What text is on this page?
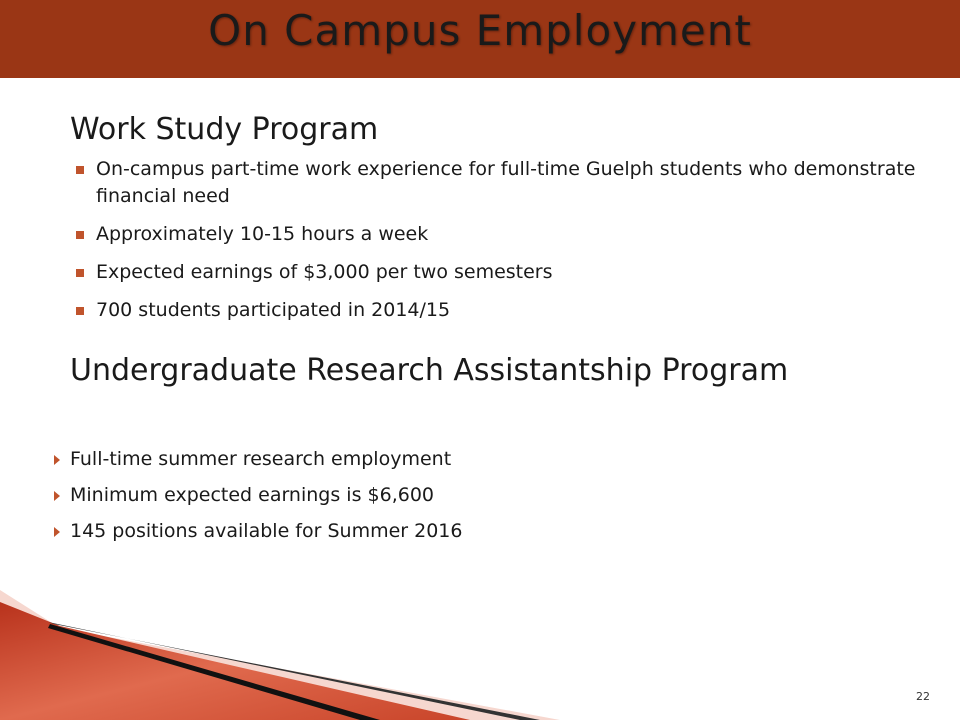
On Campus Employment
Work Study Program
On-campus part-time work experience for full-time Guelph students who demonstrate financial need
Approximately 10-15 hours a week
Expected earnings of $3,000 per two semesters
700 students participated in 2014/15
Undergraduate Research Assistantship Program
Full-time summer research employment
Minimum expected earnings is $6,600
145 positions available for Summer 2016
22
